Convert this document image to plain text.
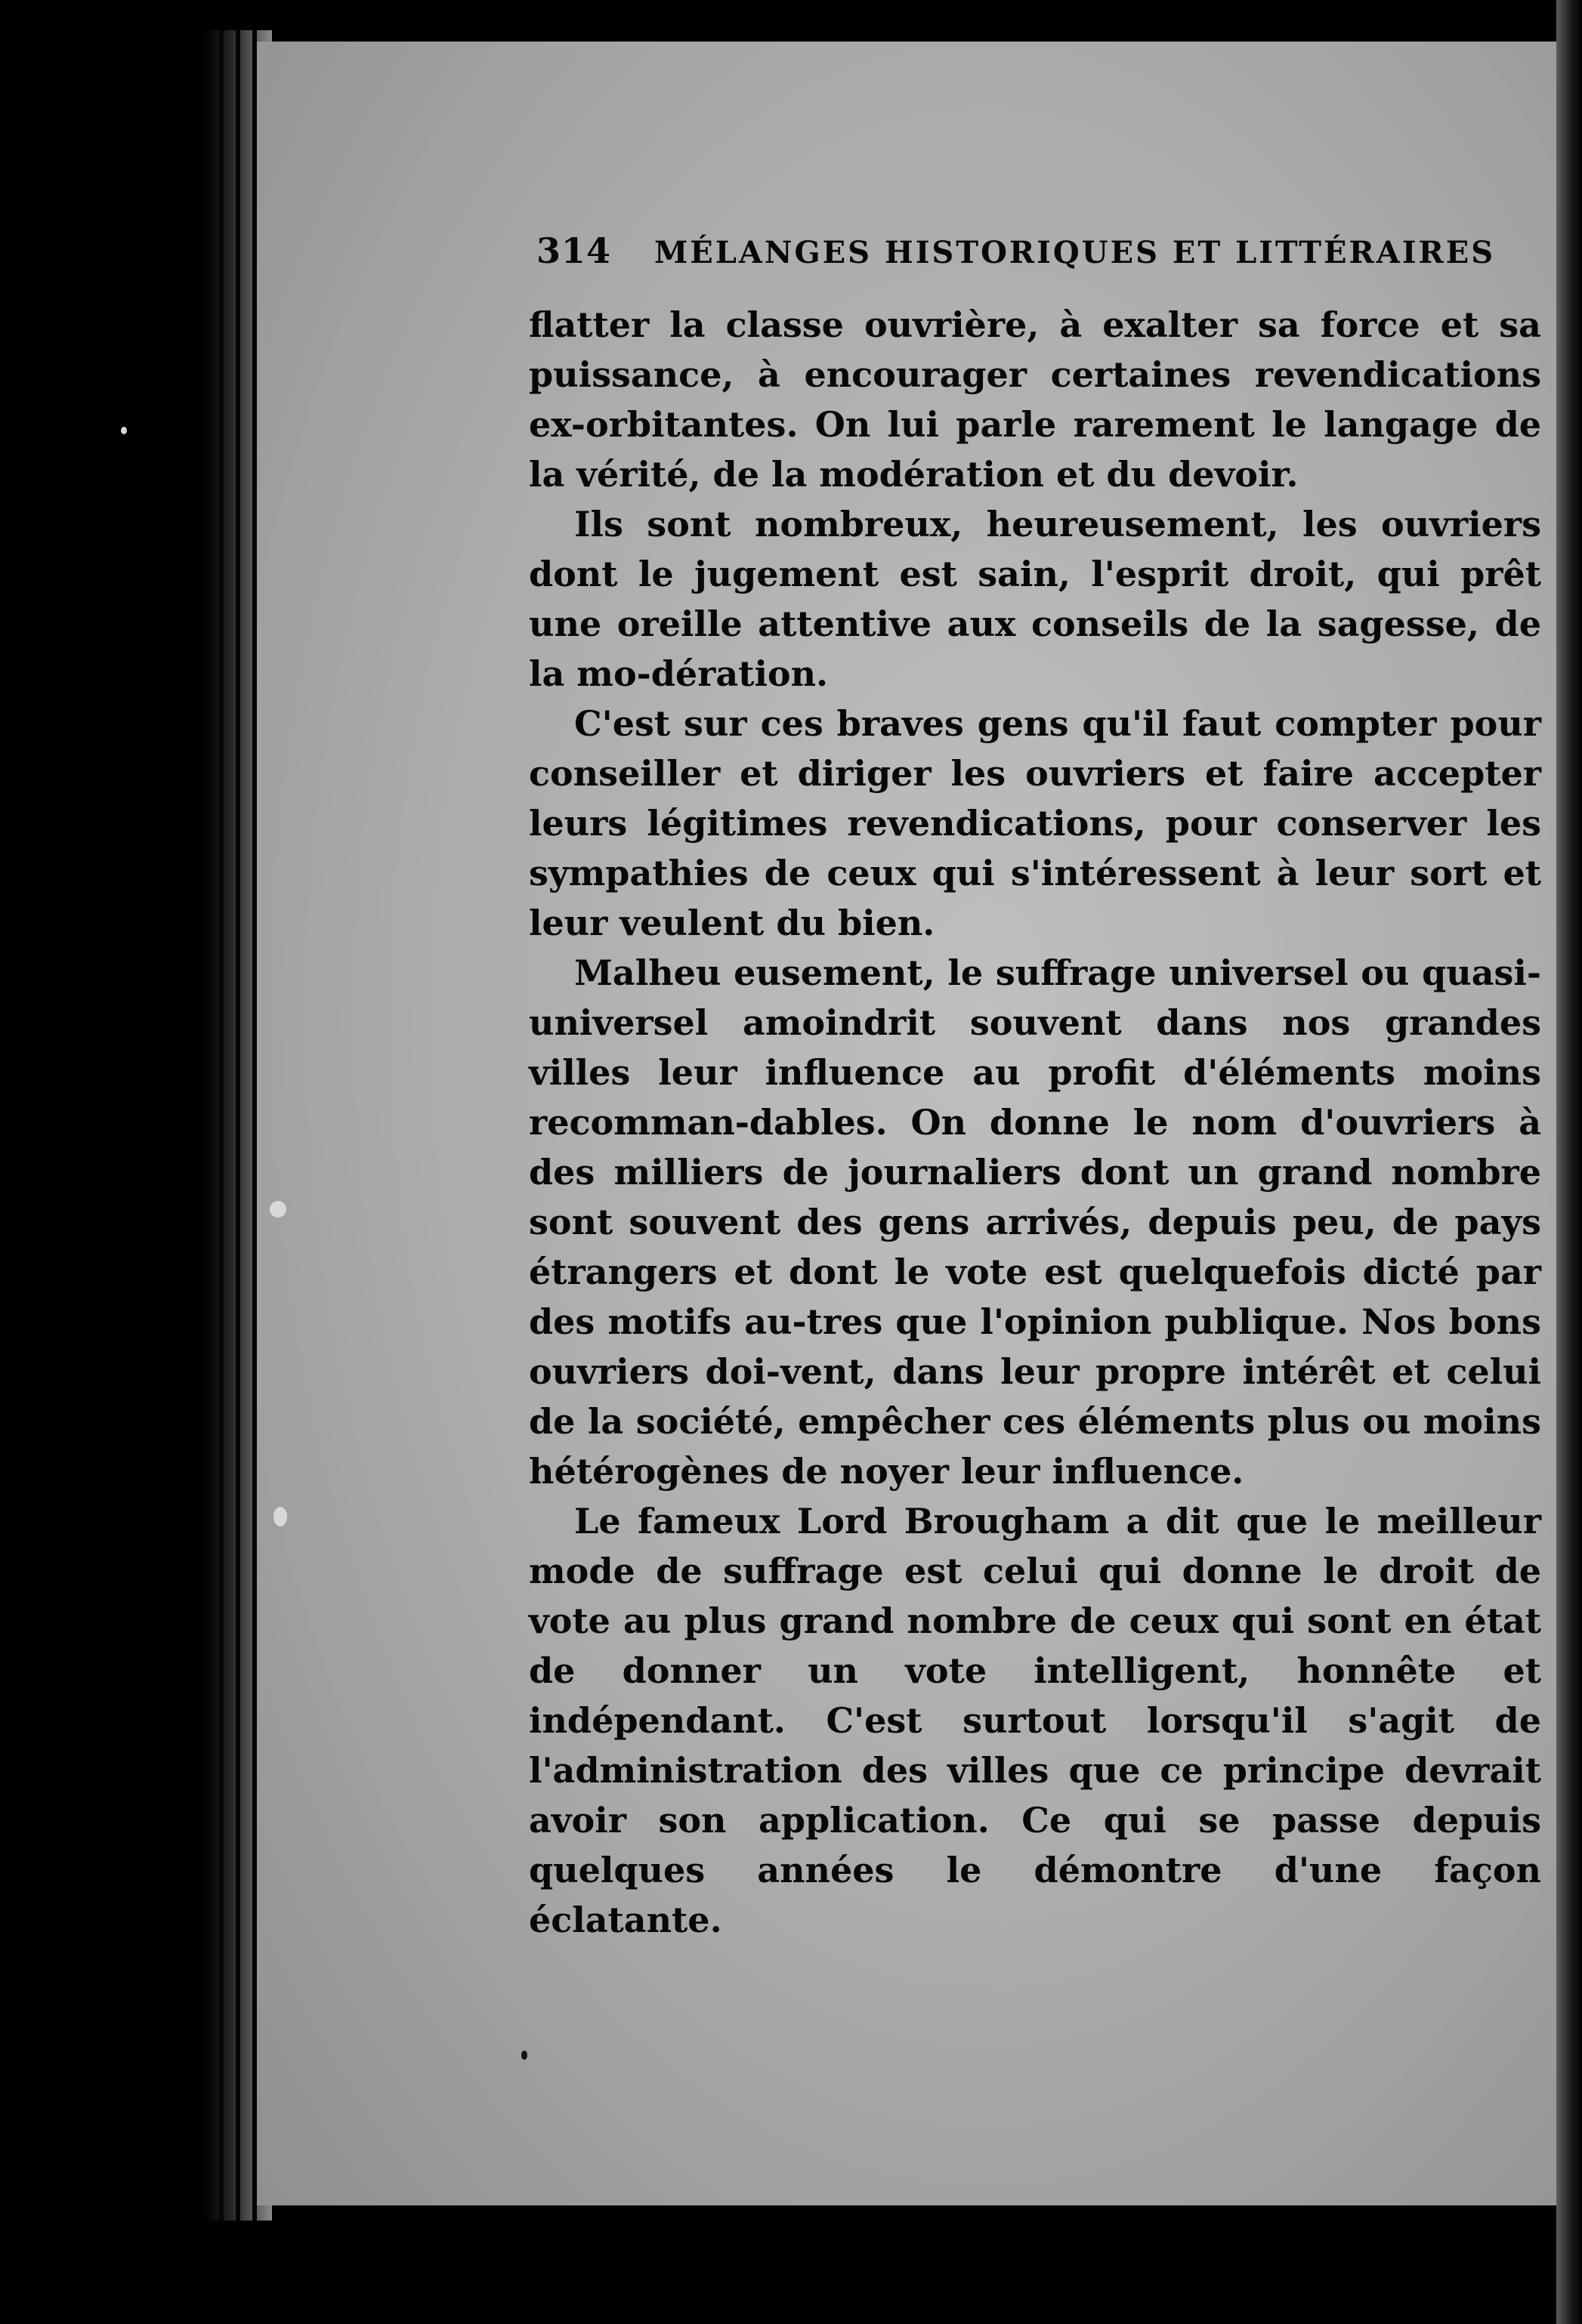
314 MÉLANGES HISTORIQUES ET LITTÉRAIRES

flatter la classe ouvrière, à exalter sa force et sa puissance, à encourager certaines revendications ex-orbitantes. On lui parle rarement le langage de la vérité, de la modération et du devoir.

Ils sont nombreux, heureusement, les ouvriers dont le jugement est sain, l'esprit droit, qui prêt une oreille attentive aux conseils de la sagesse, de la mo-dération.

C'est sur ces braves gens qu'il faut compter pour conseiller et diriger les ouvriers et faire accepter leurs légitimes revendications, pour conserver les sympathies de ceux qui s'intéressent à leur sort et leur veulent du bien.

Malheu eusement, le suffrage universel ou quasi-universel amoindrit souvent dans nos grandes villes leur influence au profit d'éléments moins recomman-dables. On donne le nom d'ouvriers à des milliers de journaliers dont un grand nombre sont souvent des gens arrivés, depuis peu, de pays étrangers et dont le vote est quelquefois dicté par des motifs au-tres que l'opinion publique. Nos bons ouvriers doi-vent, dans leur propre intérêt et celui de la société, empêcher ces éléments plus ou moins hétérogènes de noyer leur influence.

Le fameux Lord Brougham a dit que le meilleur mode de suffrage est celui qui donne le droit de vote au plus grand nombre de ceux qui sont en état de donner un vote intelligent, honnête et indépendant. C'est surtout lorsqu'il s'agit de l'administration des villes que ce principe devrait avoir son application. Ce qui se passe depuis quelques années le démontre d'une façon éclatante.
